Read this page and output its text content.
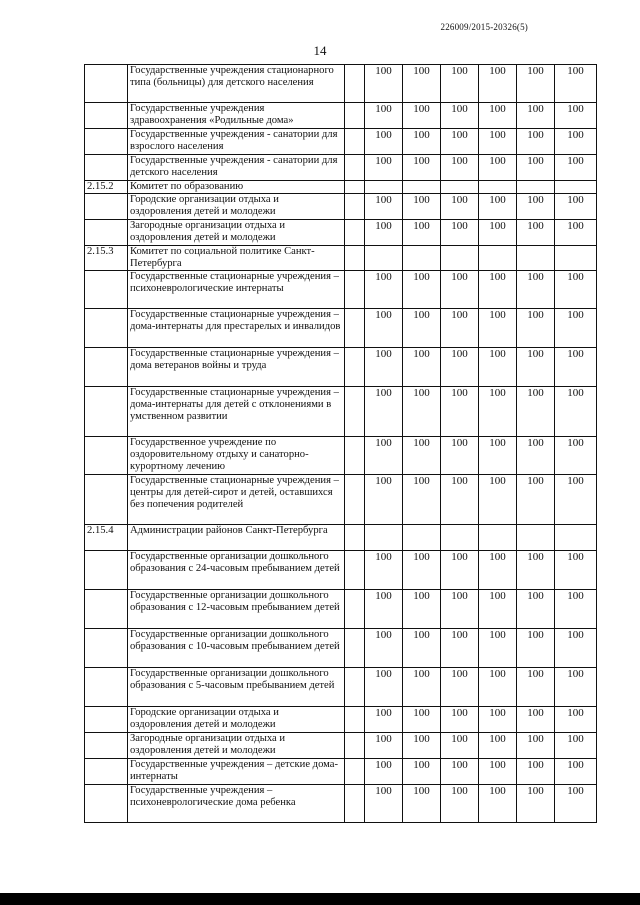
226009/2015-20326(5)
14
	Государственные учреждения стационарного типа (больницы) для детского населения		100	100	100	100	100	100
	Государственные учреждения здравоохранения «Родильные дома»		100	100	100	100	100	100
	Государственные учреждения - санатории для взрослого населения		100	100	100	100	100	100
	Государственные учреждения - санатории для детского населения		100	100	100	100	100	100
2.15.2	Комитет по образованию							
	Городские организации отдыха и оздоровления детей и молодежи		100	100	100	100	100	100
	Загородные организации отдыха и оздоровления детей и молодежи		100	100	100	100	100	100
2.15.3	Комитет по социальной политике Санкт-Петербурга							
	Государственные стационарные учреждения – психоневрологические интернаты		100	100	100	100	100	100
	Государственные стационарные учреждения – дома-интернаты для престарелых и инвалидов		100	100	100	100	100	100
	Государственные стационарные учреждения – дома ветеранов войны и труда		100	100	100	100	100	100
	Государственные стационарные учреждения – дома-интернаты для детей с отклонениями в умственном развитии		100	100	100	100	100	100
	Государственное учреждение по оздоровительному отдыху и санаторно-курортному лечению		100	100	100	100	100	100
	Государственные стационарные учреждения – центры для детей-сирот и детей, оставшихся без попечения родителей		100	100	100	100	100	100
2.15.4	Администрации районов Санкт-Петербурга							
	Государственные организации дошкольного образования с 24-часовым пребыванием детей		100	100	100	100	100	100
	Государственные организации дошкольного образования с 12-часовым пребыванием детей		100	100	100	100	100	100
	Государственные организации дошкольного образования с 10-часовым пребыванием детей		100	100	100	100	100	100
	Государственные организации дошкольного образования с 5-часовым пребыванием детей		100	100	100	100	100	100
	Городские организации отдыха и оздоровления детей и молодежи		100	100	100	100	100	100
	Загородные организации отдыха и оздоровления детей и молодежи		100	100	100	100	100	100
	Государственные учреждения – детские дома-интернаты		100	100	100	100	100	100
	Государственные учреждения – психоневрологические дома ребенка		100	100	100	100	100	100
